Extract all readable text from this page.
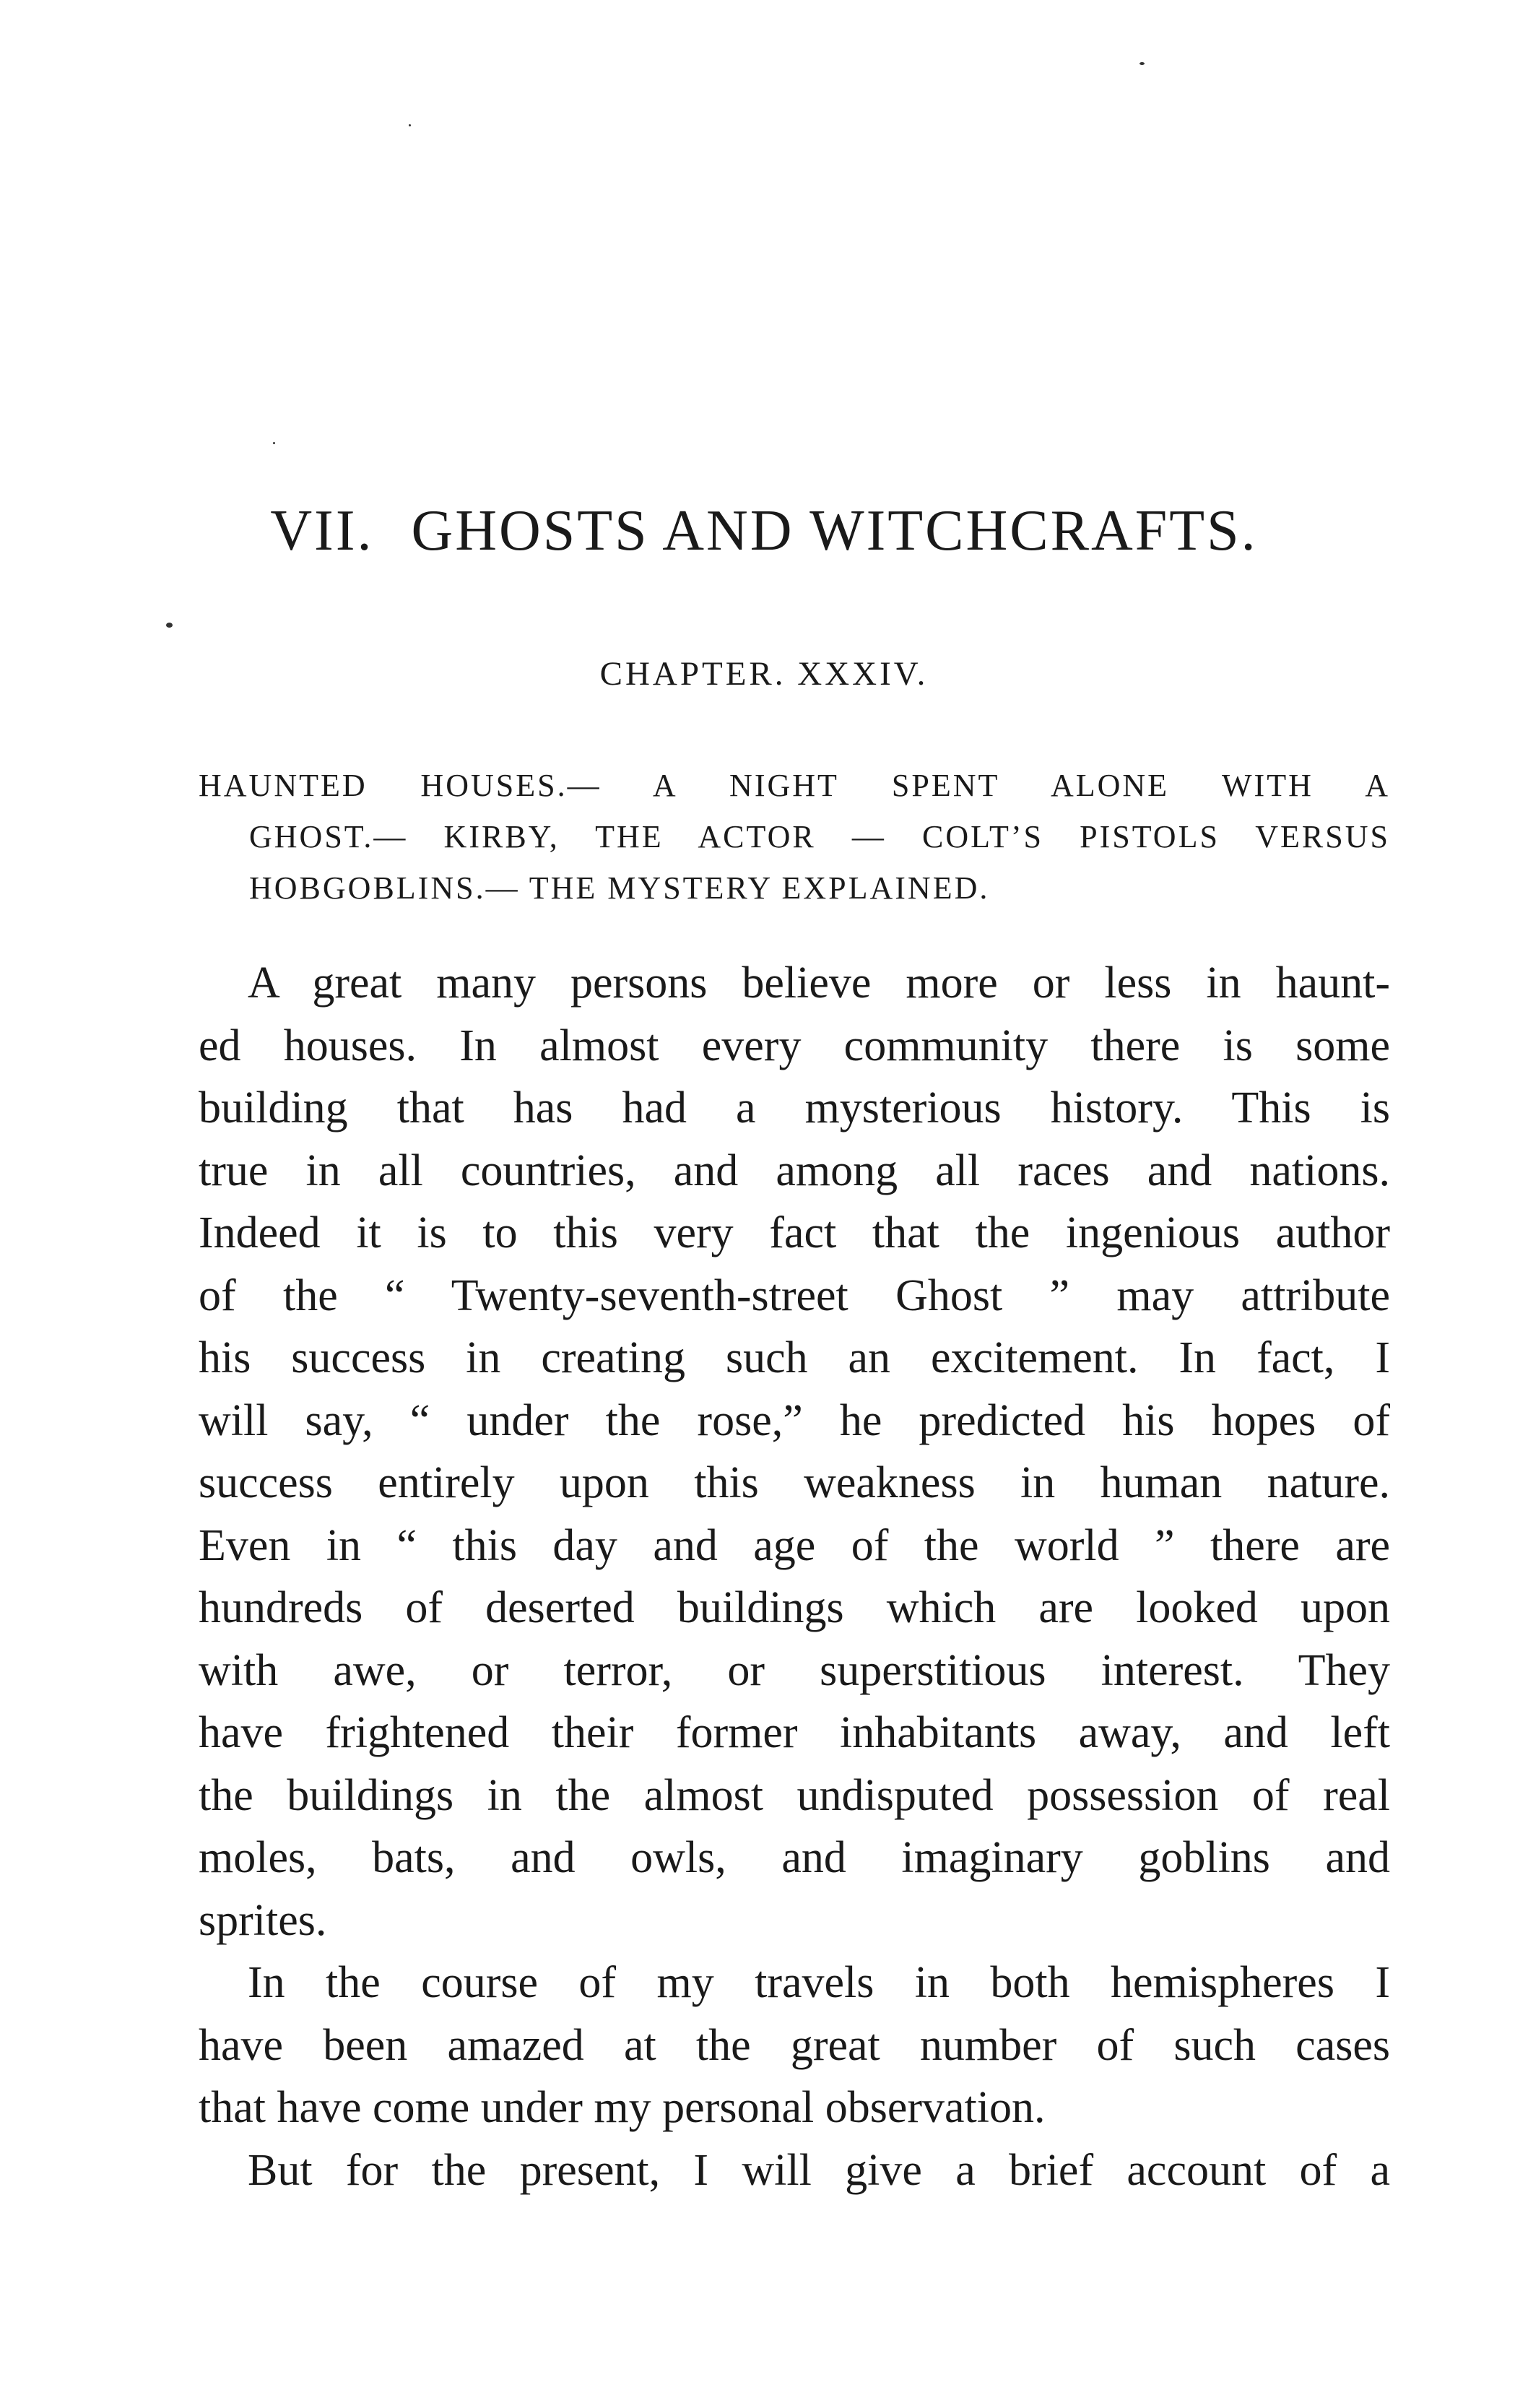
VII. GHOSTS AND WITCHCRAFTS.
CHAPTER. XXXIV.
HAUNTED HOUSES.— A NIGHT SPENT ALONE WITH A
GHOST.— KIRBY, THE ACTOR — COLT’S PISTOLS VERSUS
HOBGOBLINS.— THE MYSTERY EXPLAINED.
A great many persons believe more or less in haunt-
ed houses. In almost every community there is some
building that has had a mysterious history. This is
true in all countries, and among all races and nations.
Indeed it is to this very fact that the ingenious author
of the “ Twenty-seventh-street Ghost ” may attribute
his success in creating such an excitement. In fact, I
will say, “ under the rose,” he predicted his hopes of
success entirely upon this weakness in human nature.
Even in “ this day and age of the world ” there are
hundreds of deserted buildings which are looked upon
with awe, or terror, or superstitious interest. They
have frightened their former inhabitants away, and left
the buildings in the almost undisputed possession of real
moles, bats, and owls, and imaginary goblins and
sprites.
In the course of my travels in both hemispheres I
have been amazed at the great number of such cases
that have come under my personal observation.
But for the present, I will give a brief account of a
